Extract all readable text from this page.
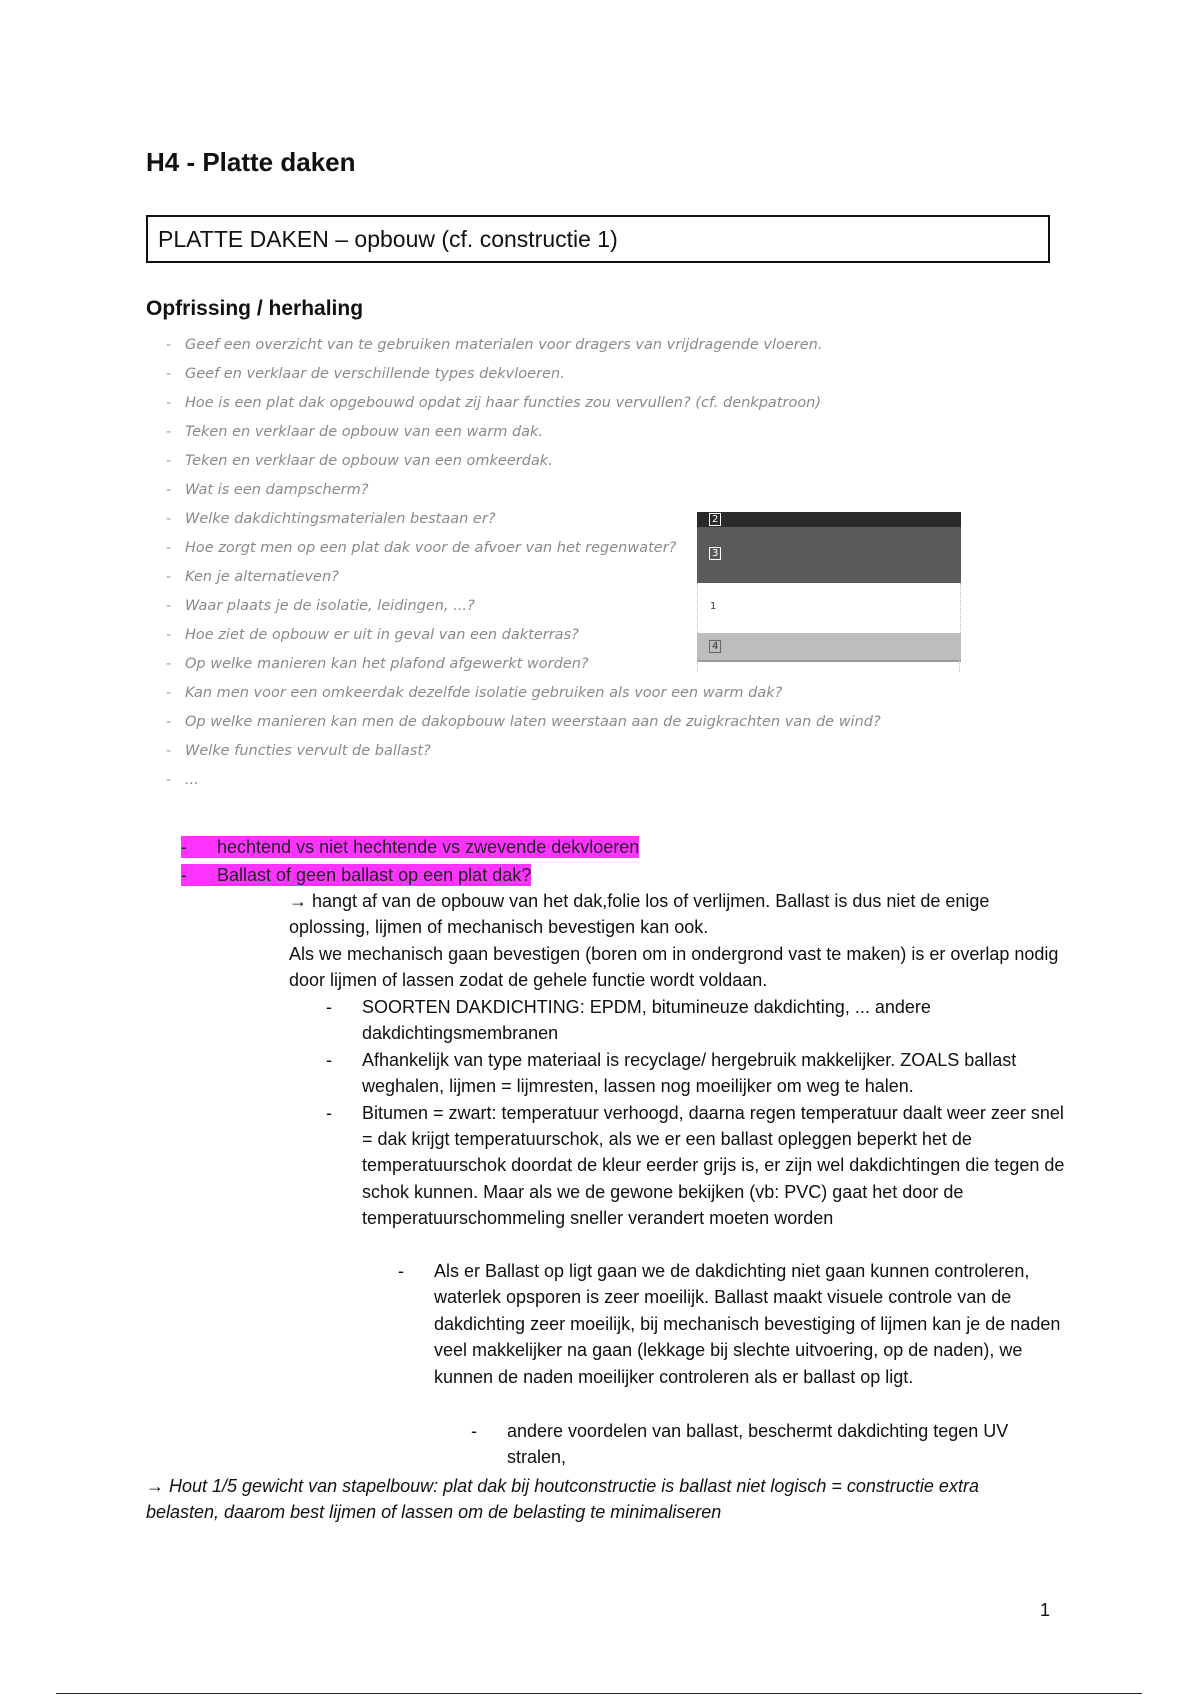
H4 - Platte daken
PLATTE DAKEN – opbouw (cf. constructie 1)
Opfrissing / herhaling
- Geef een overzicht van te gebruiken materialen voor dragers van vrijdragende vloeren.
- Geef en verklaar de verschillende types dekvloeren.
- Hoe is een plat dak opgebouwd opdat zij haar functies zou vervullen? (cf. denkpatroon)
- Teken en verklaar de opbouw van een warm dak.
- Teken en verklaar de opbouw van een omkeerdak.
- Wat is een dampscherm?
- Welke dakdichtingsmaterialen bestaan er?
- Hoe zorgt men op een plat dak voor de afvoer van het regenwater?
- Ken je alternatieven?
- Waar plaats je de isolatie, leidingen, ...?
- Hoe ziet de opbouw er uit in geval van een dakterras?
- Op welke manieren kan het plafond afgewerkt worden?
- Kan men voor een omkeerdak dezelfde isolatie gebruiken als voor een warm dak?
- Op welke manieren kan men de dakopbouw laten weerstaan aan de zuigkrachten van de wind?
- Welke functies vervult de ballast?
- ...
2
3
1
4
- hechtend vs niet hechtende vs zwevende dekvloeren
- Ballast of geen ballast op een plat dak?

→ hangt af van de opbouw van het dak,folie los of verlijmen. Ballast is dus niet de enige oplossing, lijmen of mechanisch bevestigen kan ook.

Als we mechanisch gaan bevestigen (boren om in ondergrond vast te maken) is er overlap nodig door lijmen of lassen zodat de gehele functie wordt voldaan.

- SOORTEN DAKDICHTING: EPDM, bitumineuze dakdichting, ... andere dakdichtingsmembranen
- Afhankelijk van type materiaal is recyclage/ hergebruik makkelijker. ZOALS ballast weghalen, lijmen = lijmresten, lassen nog moeilijker om weg te halen.
- Bitumen = zwart: temperatuur verhoogd, daarna regen temperatuur daalt weer zeer snel = dak krijgt temperatuurschok, als we er een ballast opleggen beperkt het de temperatuurschok doordat de kleur eerder grijs is, er zijn wel dakdichtingen die tegen de schok kunnen. Maar als we de gewone bekijken (vb: PVC) gaat het door de temperatuurschommeling sneller verandert moeten worden
- Als er Ballast op ligt gaan we de dakdichting niet gaan kunnen controleren, waterlek opsporen is zeer moeilijk. Ballast maakt visuele controle van de dakdichting zeer moeilijk, bij mechanisch bevestiging of lijmen kan je de naden veel makkelijker na gaan (lekkage bij slechte uitvoering, op de naden), we kunnen de naden moeilijker controleren als er ballast op ligt.
- andere voordelen van ballast, beschermt dakdichting tegen UV stralen,

→ Hout 1/5 gewicht van stapelbouw: plat dak bij houtconstructie is ballast niet logisch = constructie extra belasten, daarom best lijmen of lassen om de belasting te minimaliseren

1
